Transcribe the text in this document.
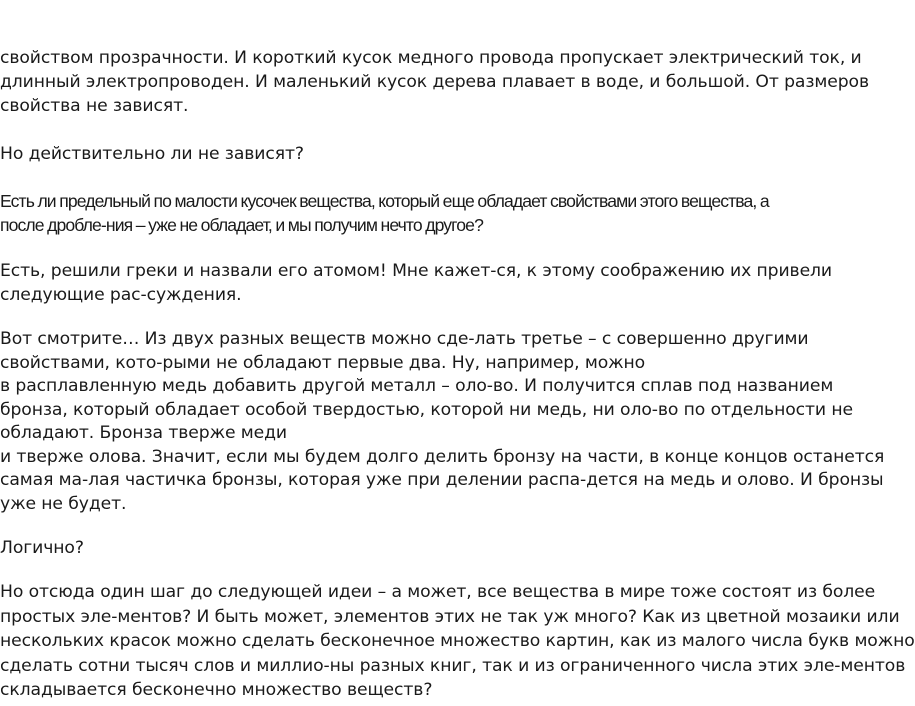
свойством прозрачности. И короткий кусок медного провода пропускает электрический ток, и
длинный электропроводен. И маленький кусок дерева плавает в воде, и большой. От размеров
свойства не зависят.

Но действительно ли не зависят?

Есть ли предельный по малости кусочек вещества, который еще обладает свойствами этого вещества, а
после дробле-ния – уже не обладает, и мы получим нечто другое?

Есть, решили греки и назвали его атомом! Мне кажет-ся, к этому соображению их привели
следующие рас-суждения.

Вот смотрите… Из двух разных веществ можно сде-лать третье – с совершенно другими
свойствами, кото-рыми не обладают первые два. Ну, например, можно
в расплавленную медь добавить другой металл – оло-во. И получится сплав под названием
бронза, который обладает особой твердостью, которой ни медь, ни оло-во по отдельности не
обладают. Бронза тверже меди
и тверже олова. Значит, если мы будем долго делить бронзу на части, в конце концов останется
самая ма-лая частичка бронзы, которая уже при делении распа-дется на медь и олово. И бронзы
уже не будет.

Логично?

Но отсюда один шаг до следующей идеи – а может, все вещества в мире тоже состоят из более
простых эле-ментов? И быть может, элементов этих не так уж много? Как из цветной мозаики или
нескольких красок можно сделать бесконечное множество картин, как из малого числа букв можно
сделать сотни тысяч слов и миллио-ны разных книг, так и из ограниченного числа этих эле-ментов
складывается бесконечно множество веществ?
